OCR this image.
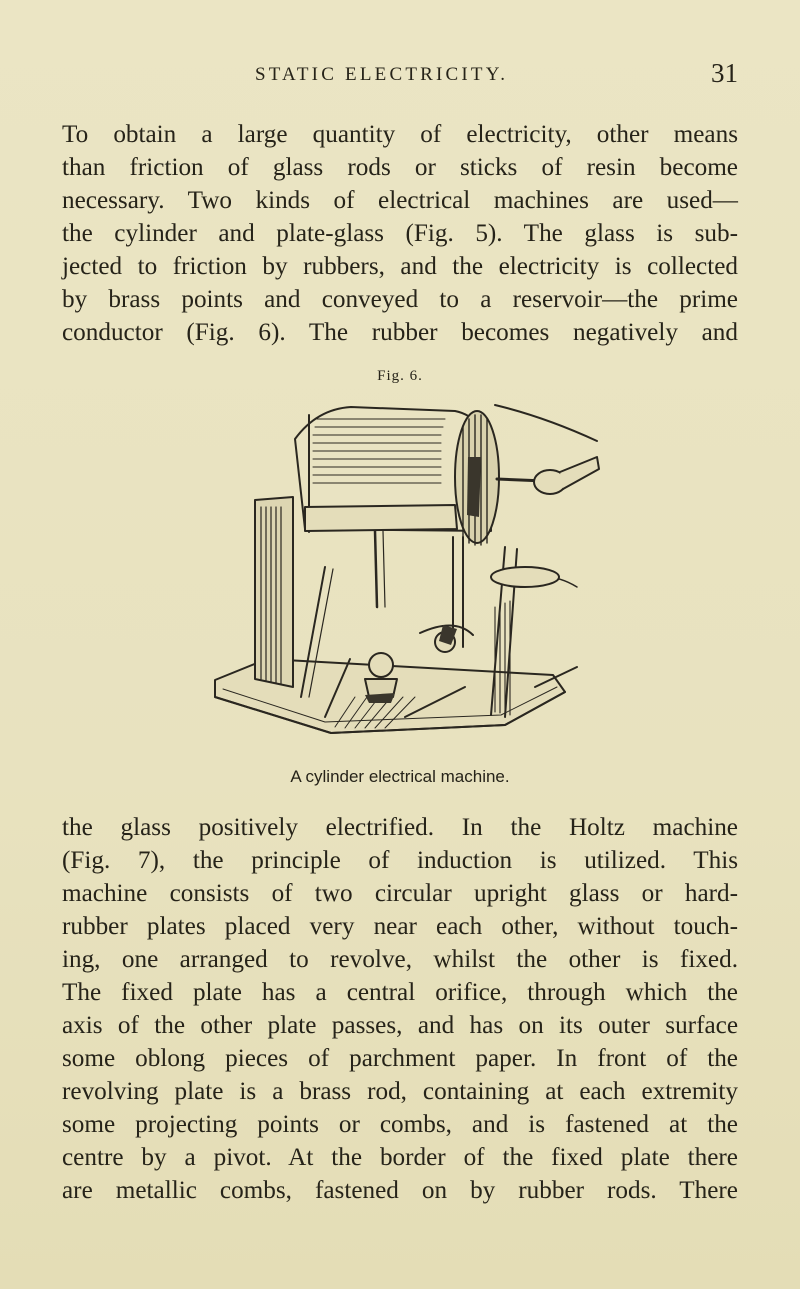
STATIC ELECTRICITY.	31
To obtain a large quantity of electricity, other means
than friction of glass rods or sticks of resin become
necessary. Two kinds of electrical machines are used—
the cylinder and plate-glass (Fig. 5). The glass is sub-
jected to friction by rubbers, and the electricity is collected
by brass points and conveyed to a reservoir—the prime
conductor (Fig. 6). The rubber becomes negatively and
Fig. 6.
A cylinder electrical machine.
the glass positively electrified. In the Holtz machine
(Fig. 7), the principle of induction is utilized. This
machine consists of two circular upright glass or hard-
rubber plates placed very near each other, without touch-
ing, one arranged to revolve, whilst the other is fixed.
The fixed plate has a central orifice, through which the
axis of the other plate passes, and has on its outer surface
some oblong pieces of parchment paper. In front of the
revolving plate is a brass rod, containing at each extremity
some projecting points or combs, and is fastened at the
centre by a pivot. At the border of the fixed plate there
are metallic combs, fastened on by rubber rods. There
